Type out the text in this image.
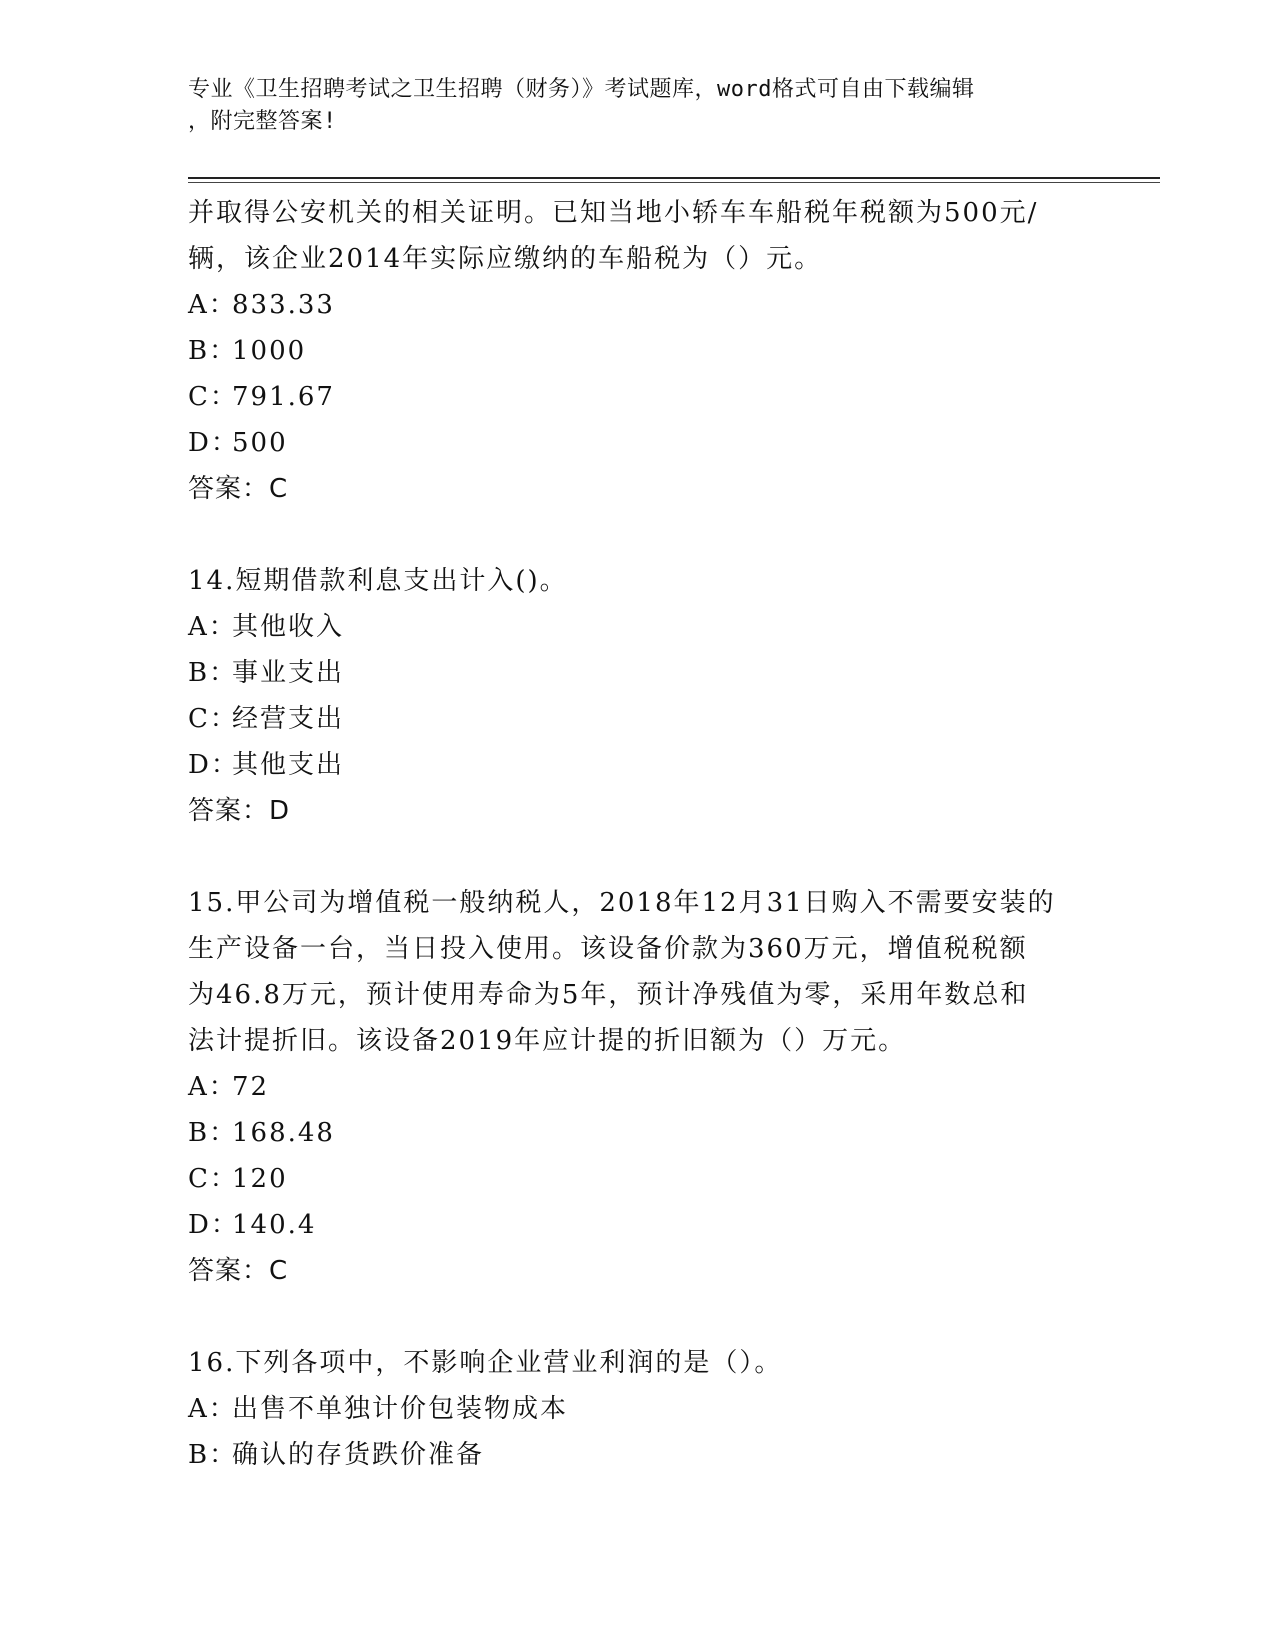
专业《卫生招聘考试之卫生招聘（财务）》考试题库，word格式可自由下载编辑
，附完整答案!
并取得公安机关的相关证明。已知当地小轿车车船税年税额为500元/
辆，该企业2014年实际应缴纳的车船税为（）元。
A：833.33
B：1000
C：791.67
D：500
答案：C
14.短期借款利息支出计入()。
A：其他收入
B：事业支出
C：经营支出
D：其他支出
答案：D
15.甲公司为增值税一般纳税人，2018年12月31日购入不需要安装的
生产设备一台，当日投入使用。该设备价款为360万元，增值税税额
为46.8万元，预计使用寿命为5年，预计净残值为零，采用年数总和
法计提折旧。该设备2019年应计提的折旧额为（）万元。
A：72
B：168.48
C：120
D：140.4
答案：C
16.下列各项中，不影响企业营业利润的是（）。
A：出售不单独计价包装物成本
B：确认的存货跌价准备
